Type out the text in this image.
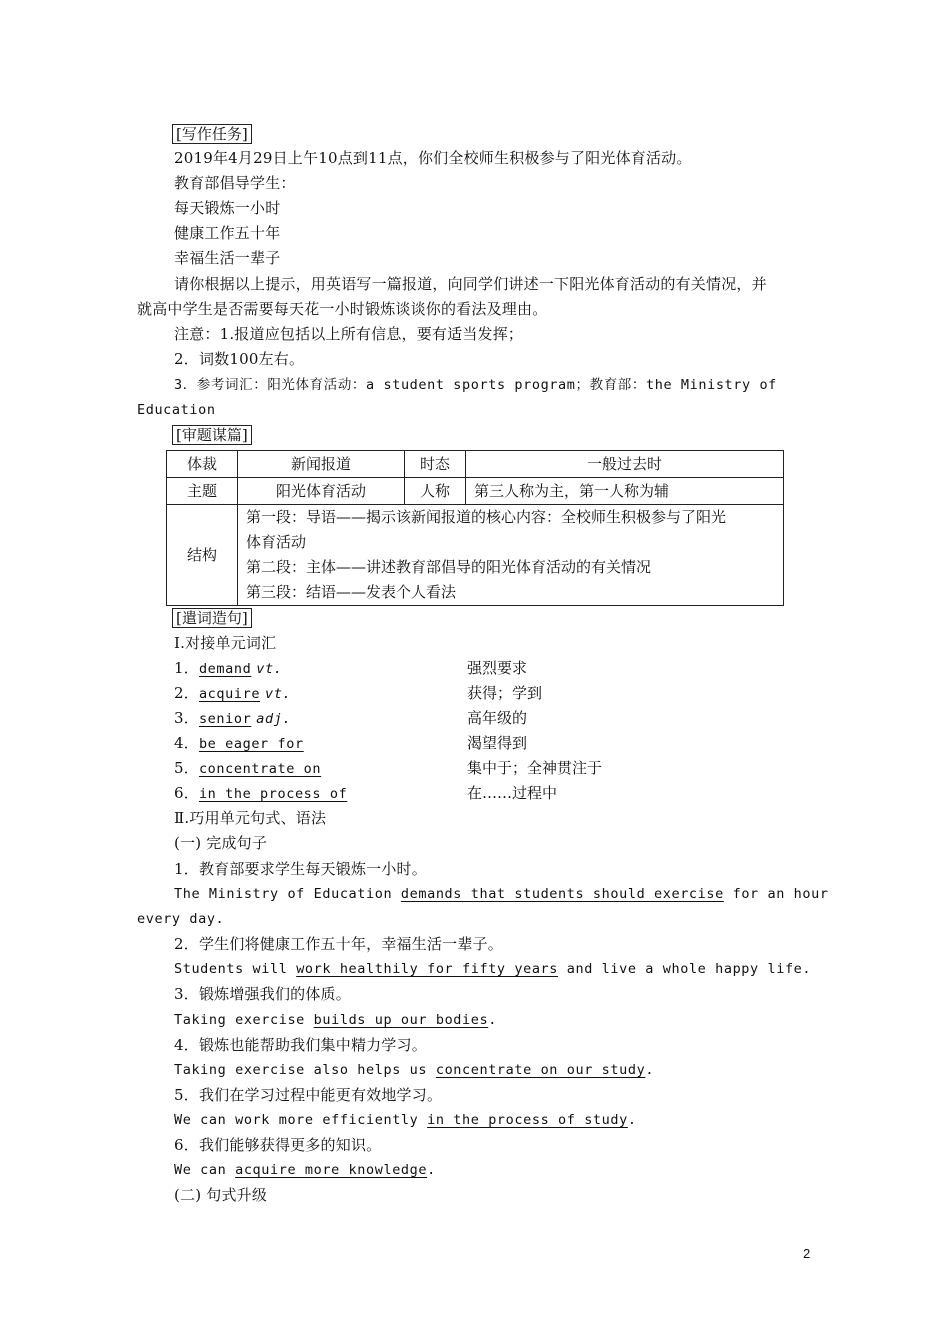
[写作任务]
2019年4月29日上午10点到11点，你们全校师生积极参与了阳光体育活动。
教育部倡导学生：
每天锻炼一小时
健康工作五十年
幸福生活一辈子
请你根据以上提示，用英语写一篇报道，向同学们讲述一下阳光体育活动的有关情况，并
就高中学生是否需要每天花一小时锻炼谈谈你的看法及理由。
注意：1.报道应包括以上所有信息，要有适当发挥；
2．词数100左右。
3．参考词汇：阳光体育活动：a student sports program；教育部：the Ministry of
Education
[审题谋篇]
体裁	新闻报道	时态	一般过去时
主题	阳光体育活动	人称	第三人称为主，第一人称为辅
结构	第一段：导语——揭示该新闻报道的核心内容：全校师生积极参与了阳光
体育活动
第二段：主体——讲述教育部倡导的阳光体育活动的有关情况
第三段：结语——发表个人看法		
[遣词造句]
Ⅰ.对接单元词汇
1．demand vt.	强烈要求
2．acquire vt.	获得；学到
3．senior adj.	高年级的
4．be eager for	渴望得到
5．concentrate on	集中于；全神贯注于
6．in the process of	在……过程中
Ⅱ.巧用单元句式、语法
(一) 完成句子
1．教育部要求学生每天锻炼一小时。
The Ministry of Education demands that students should exercise for an hour
every day.
2．学生们将健康工作五十年，幸福生活一辈子。
Students will work healthily for fifty years and live a whole happy life.
3．锻炼增强我们的体质。
Taking exercise builds up our bodies.
4．锻炼也能帮助我们集中精力学习。
Taking exercise also helps us concentrate on our study.
5．我们在学习过程中能更有效地学习。
We can work more efficiently in the process of study.
6．我们能够获得更多的知识。
We can acquire more knowledge.
(二) 句式升级
2
